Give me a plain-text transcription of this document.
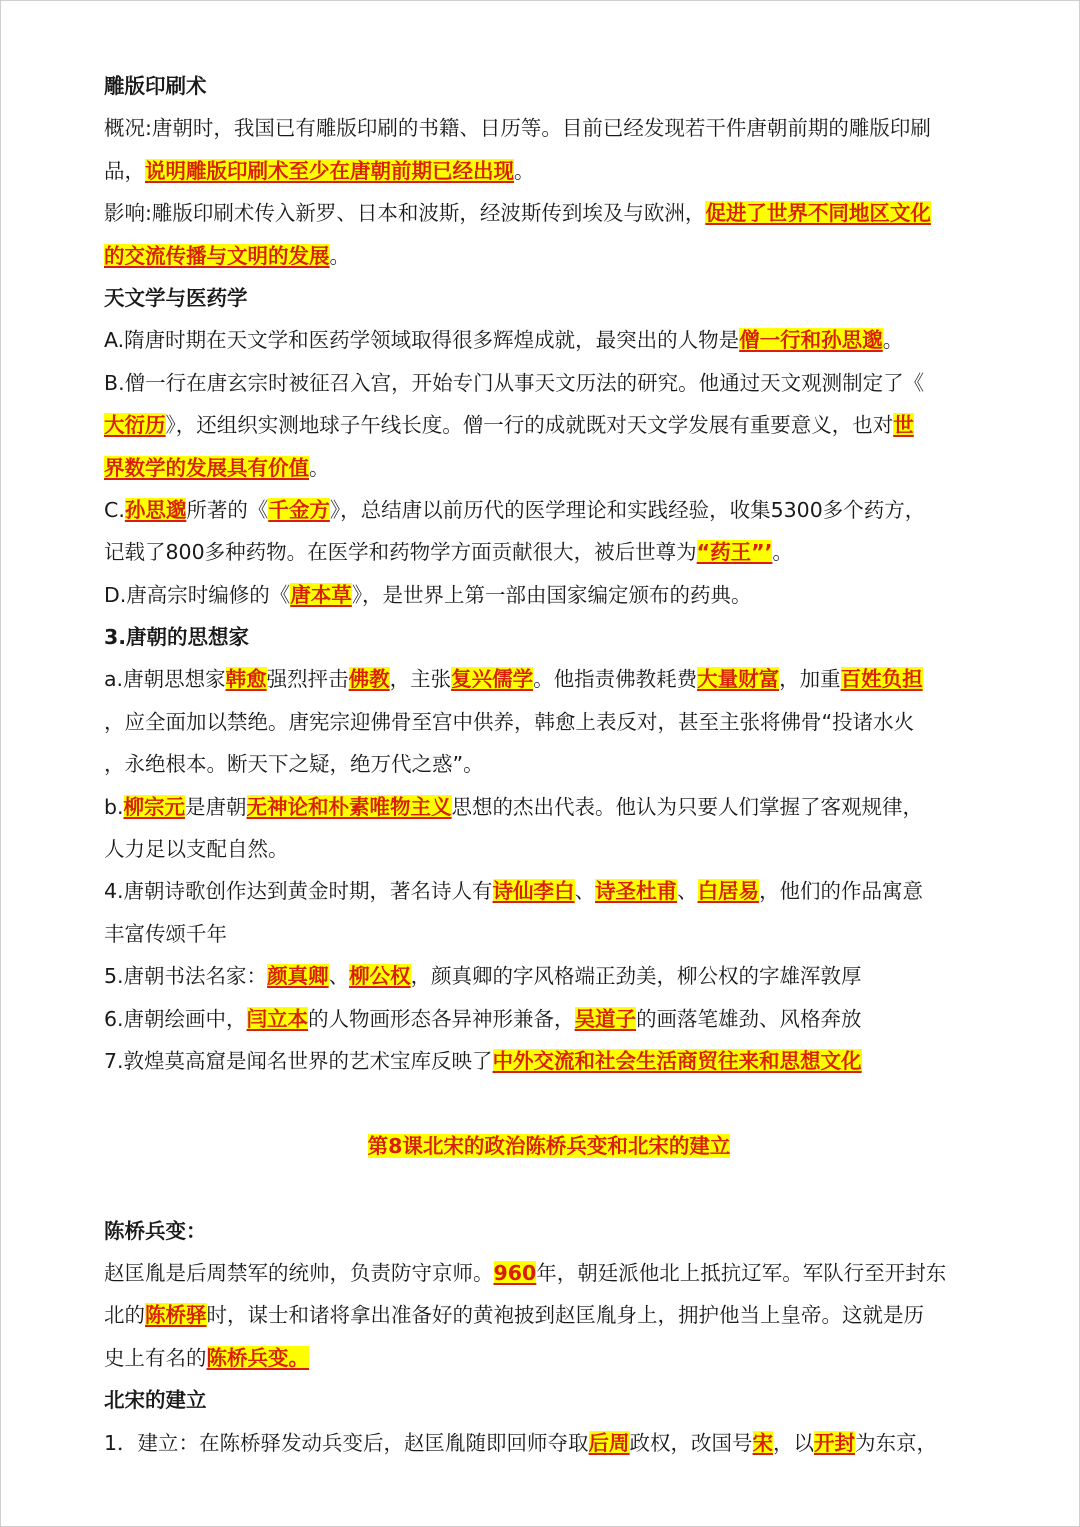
雕版印刷术
概况:唐朝时，我国已有雕版印刷的书籍、日历等。目前已经发现若干件唐朝前期的雕版印刷
品，说明雕版印刷术至少在唐朝前期已经出现。
影响:雕版印刷术传入新罗、日本和波斯，经波斯传到埃及与欧洲，促进了世界不同地区文化
的交流传播与文明的发展。
天文学与医药学
A.隋唐时期在天文学和医药学领域取得很多辉煌成就，最突出的人物是僧一行和孙思邈。
B.僧一行在唐玄宗时被征召入宫，开始专门从事天文历法的研究。他通过天文观测制定了《
大衍历》，还组织实测地球子午线长度。僧一行的成就既对天文学发展有重要意义，也对世
界数学的发展具有价值。
C.孙思邈所著的《千金方》，总结唐以前历代的医学理论和实践经验，收集5300多个药方，
记载了800多种药物。在医学和药物学方面贡献很大，被后世尊为“药王”’。
D.唐高宗时编修的《唐本草》，是世界上第一部由国家编定颁布的药典。
3.唐朝的思想家
a.唐朝思想家韩愈强烈抨击佛教，主张复兴儒学。他指责佛教耗费大量财富，加重百姓负担
，应全面加以禁绝。唐宪宗迎佛骨至宫中供养，韩愈上表反对，甚至主张将佛骨“投诸水火
，永绝根本。断天下之疑，绝万代之惑”。
b.柳宗元是唐朝无神论和朴素唯物主义思想的杰出代表。他认为只要人们掌握了客观规律，
人力足以支配自然。
4.唐朝诗歌创作达到黄金时期，著名诗人有诗仙李白、诗圣杜甫、白居易，他们的作品寓意
丰富传颂千年
5.唐朝书法名家：颜真卿、柳公权，颜真卿的字风格端正劲美，柳公权的字雄浑敦厚
6.唐朝绘画中，闫立本的人物画形态各异神形兼备，吴道子的画落笔雄劲、风格奔放
7.敦煌莫高窟是闻名世界的艺术宝库反映了中外交流和社会生活商贸往来和思想文化
第8课北宋的政治陈桥兵变和北宋的建立
陈桥兵变：
赵匡胤是后周禁军的统帅，负责防守京师。960年，朝廷派他北上抵抗辽军。军队行至开封东
北的陈桥驿时，谋士和诸将拿出准备好的黄袍披到赵匡胤身上，拥护他当上皇帝。这就是历
史上有名的陈桥兵变。
北宋的建立
1．建立：在陈桥驿发动兵变后，赵匡胤随即回师夺取后周政权，改国号宋，以开封为东京，
